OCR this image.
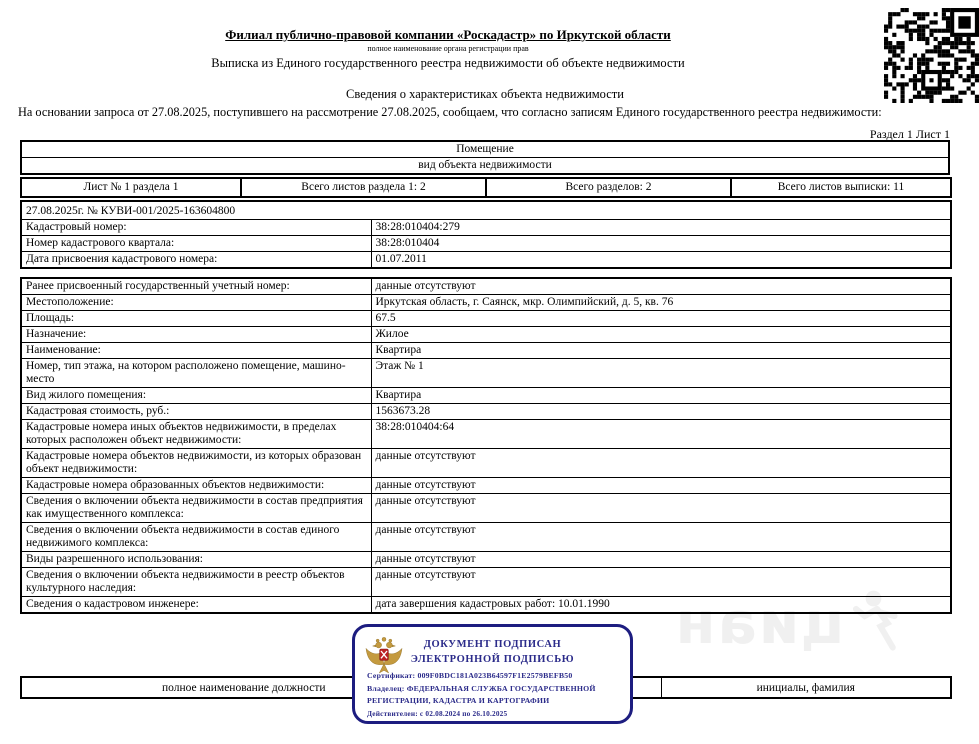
циан
Филиал публично-правовой компании «Роскадастр» по Иркутской области
полное наименование органа регистрации прав
Выписка из Единого государственного реестра недвижимости об объекте недвижимости
Сведения о характеристиках объекта недвижимости
На основании запроса от 27.08.2025, поступившего на рассмотрение 27.08.2025, сообщаем, что согласно записям Единого государственного реестра недвижимости:
Раздел 1 Лист 1
Помещение
вид объекта недвижимости
Лист № 1 раздела 1	Всего листов раздела 1: 2	Всего разделов: 2	Всего листов выписки: 11
27.08.2025г. № КУВИ-001/2025-163604800	
Кадастровый номер:	38:28:010404:279
Номер кадастрового квартала:	38:28:010404
Дата присвоения кадастрового номера:	01.07.2011
Ранее присвоенный государственный учетный номер:	данные отсутствуют
Местоположение:	Иркутская область, г. Саянск, мкр. Олимпийский, д. 5, кв. 76
Площадь:	67.5
Назначение:	Жилое
Наименование:	Квартира
Номер, тип этажа, на котором расположено помещение, машино-место	Этаж № 1
Вид жилого помещения:	Квартира
Кадастровая стоимость, руб.:	1563673.28
Кадастровые номера иных объектов недвижимости, в пределах которых расположен объект недвижимости:	38:28:010404:64
Кадастровые номера объектов недвижимости, из которых образован объект недвижимости:	данные отсутствуют
Кадастровые номера образованных объектов недвижимости:	данные отсутствуют
Сведения о включении объекта недвижимости в состав предприятия как имущественного комплекса:	данные отсутствуют
Сведения о включении объекта недвижимости в состав единого недвижимого комплекса:	данные отсутствуют
Виды разрешенного использования:	данные отсутствуют
Сведения о включении объекта недвижимости в реестр объектов культурного наследия:	данные отсутствуют
Сведения о кадастровом инженере:	дата завершения кадастровых работ: 10.01.1990
полное наименование должности		инициалы, фамилия
ДОКУМЕНТ ПОДПИСАН
ЭЛЕКТРОННОЙ ПОДПИСЬЮ
Сертификат: 009F0BDC181A023B64597F1E2579BEFB50
Владелец: ФЕДЕРАЛЬНАЯ СЛУЖБА ГОСУДАРСТВЕННОЙ
РЕГИСТРАЦИИ, КАДАСТРА И КАРТОГРАФИИ
Действителен: с 02.08.2024 по 26.10.2025
